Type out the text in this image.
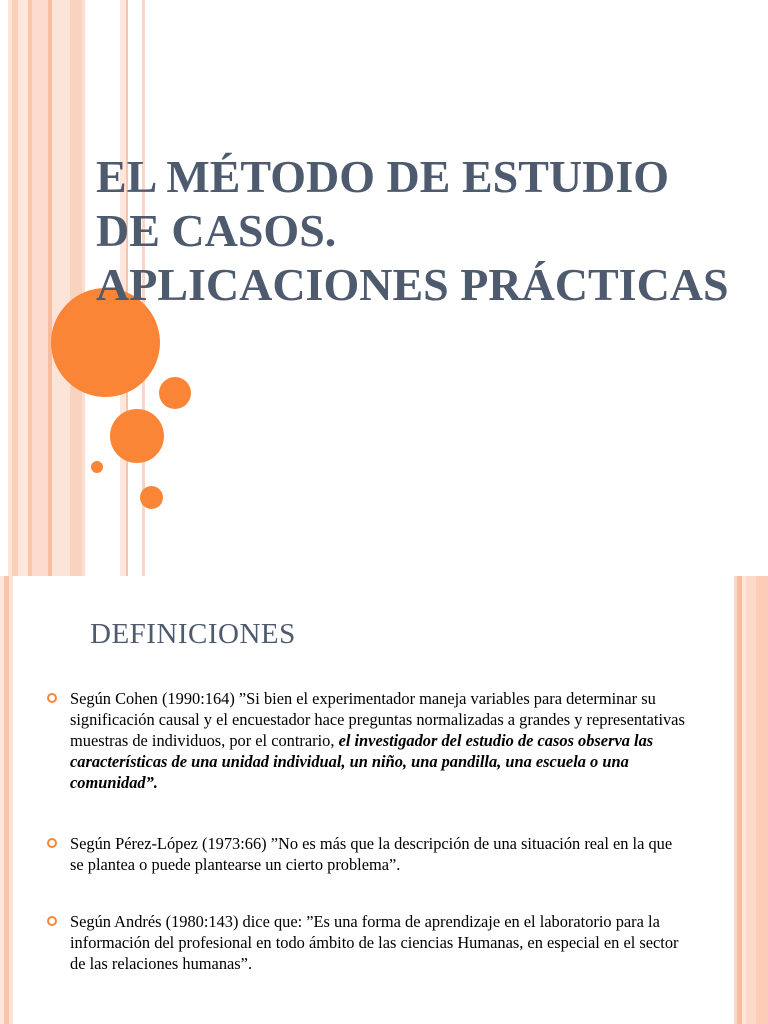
EL MÉTODO DE ESTUDIO
DE CASOS.
APLICACIONES PRÁCTICAS
DEFINICIONES
Según Cohen (1990:164) ”Si bien el experimentador maneja variables para determinar su significación causal y el encuestador hace preguntas normalizadas a grandes y representativas muestras de individuos, por el contrario, el investigador del estudio de casos observa las características de una unidad individual, un niño, una pandilla, una escuela o una comunidad”.
Según Pérez-López (1973:66) ”No es más que la descripción de una situación real en la que se plantea o puede plantearse un cierto problema”.
Según Andrés (1980:143) dice que: ”Es una forma de aprendizaje en el laboratorio para la información del profesional en todo ámbito de las ciencias Humanas, en especial en el sector de las relaciones humanas”.
